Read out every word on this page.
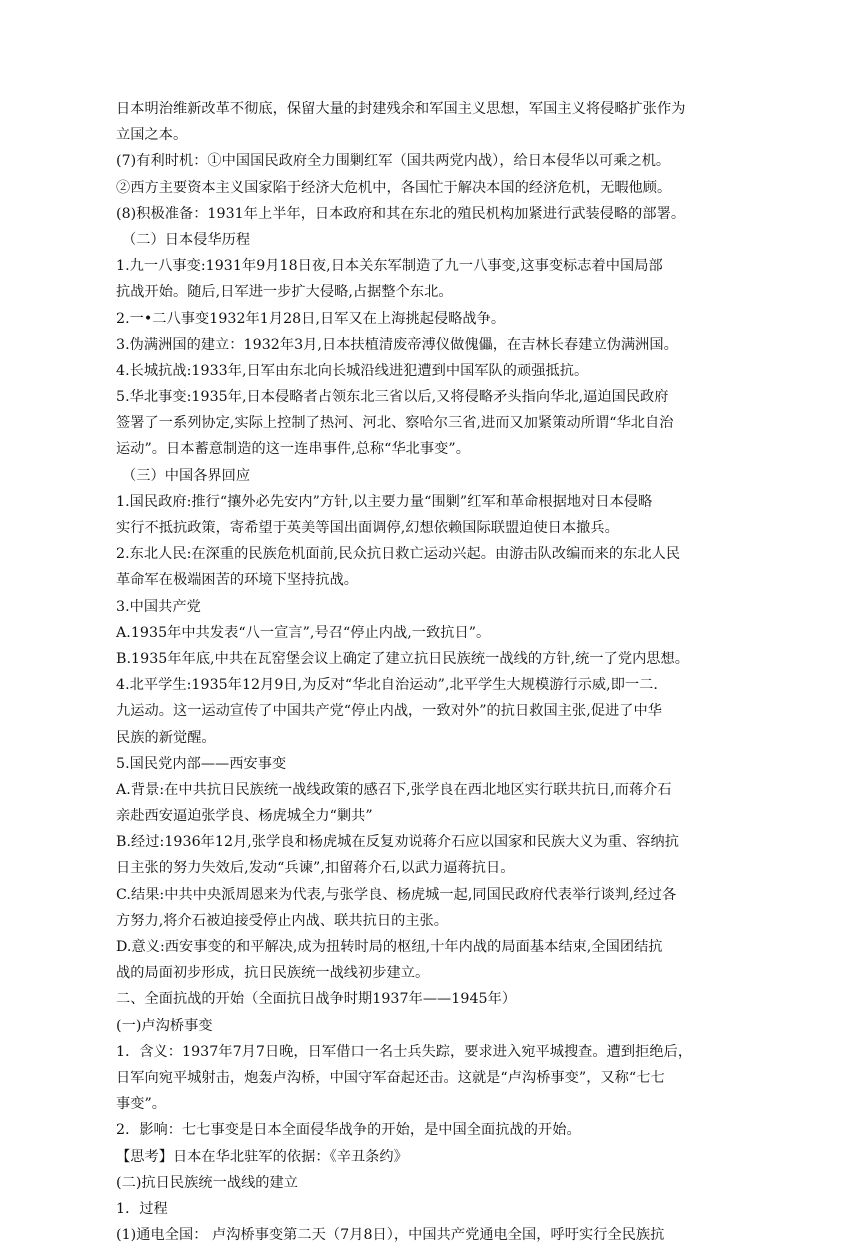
日本明治维新改革不彻底，保留大量的封建残余和军国主义思想，军国主义将侵略扩张作为
立国之本。
(7)有利时机：①中国国民政府全力围剿红军（国共两党内战），给日本侵华以可乘之机。
②西方主要资本主义国家陷于经济大危机中，各国忙于解决本国的经济危机，无暇他顾。
(8)积极准备：1931年上半年，日本政府和其在东北的殖民机构加紧进行武装侵略的部署。
（二）日本侵华历程
1.九一八事变:1931年9月18日夜,日本关东军制造了九一八事变,这事变标志着中国局部
抗战开始。随后,日军进一步扩大侵略,占据整个东北。
2.一•二八事变1932年1月28日,日军又在上海挑起侵略战争。
3.伪满洲国的建立：1932年3月,日本扶植清废帝溥仪做傀儡，在吉林长春建立伪满洲国。
4.长城抗战:1933年,日军由东北向长城沿线进犯遭到中国军队的顽强抵抗。
5.华北事变:1935年,日本侵略者占领东北三省以后,又将侵略矛头指向华北,逼迫国民政府
签署了一系列协定,实际上控制了热河、河北、察哈尔三省,进而又加紧策动所谓“华北自治
运动”。日本蓄意制造的这一连串事件,总称“华北事变”。
（三）中国各界回应
1.国民政府:推行“攘外必先安内”方针,以主要力量“围剿”红军和革命根据地对日本侵略
实行不抵抗政策，寄希望于英美等国出面调停,幻想依赖国际联盟迫使日本撤兵。
2.东北人民:在深重的民族危机面前,民众抗日救亡运动兴起。由游击队改编而来的东北人民
革命军在极端困苦的环境下坚持抗战。
3.中国共产党
A.1935年中共发表“八一宣言”,号召“停止内战,一致抗日”。
B.1935年年底,中共在瓦窑堡会议上确定了建立抗日民族统一战线的方针,统一了党内思想。
4.北平学生:1935年12月9日,为反对“华北自治运动”,北平学生大规模游行示威,即一二.
九运动。这一运动宣传了中国共产党“停止内战，一致对外”的抗日救国主张,促进了中华
民族的新觉醒。
5.国民党内部——西安事变
A.背景:在中共抗日民族统一战线政策的感召下,张学良在西北地区实行联共抗日,而蒋介石
亲赴西安逼迫张学良、杨虎城全力“剿共”
B.经过:1936年12月,张学良和杨虎城在反复劝说蒋介石应以国家和民族大义为重、容纳抗
日主张的努力失效后,发动“兵谏”,扣留蒋介石,以武力逼蒋抗日。
C.结果:中共中央派周恩来为代表,与张学良、杨虎城一起,同国民政府代表举行谈判,经过各
方努力,将介石被迫接受停止内战、联共抗日的主张。
D.意义:西安事变的和平解决,成为扭转时局的枢纽,十年内战的局面基本结束,全国团结抗
战的局面初步形成，抗日民族统一战线初步建立。
二、全面抗战的开始（全面抗日战争时期1937年——1945年）
(一)卢沟桥事变
1．含义：1937年7月7日晚，日军借口一名士兵失踪，要求进入宛平城搜查。遭到拒绝后，
日军向宛平城射击，炮轰卢沟桥，中国守军奋起还击。这就是“卢沟桥事变”，又称“七七
事变”。
2．影响：七七事变是日本全面侵华战争的开始，是中国全面抗战的开始。
【思考】日本在华北驻军的依据：《辛丑条约》
(二)抗日民族统一战线的建立
1．过程
(1)通电全国： 卢沟桥事变第二天（7月8日），中国共产党通电全国，呼吁实行全民族抗
